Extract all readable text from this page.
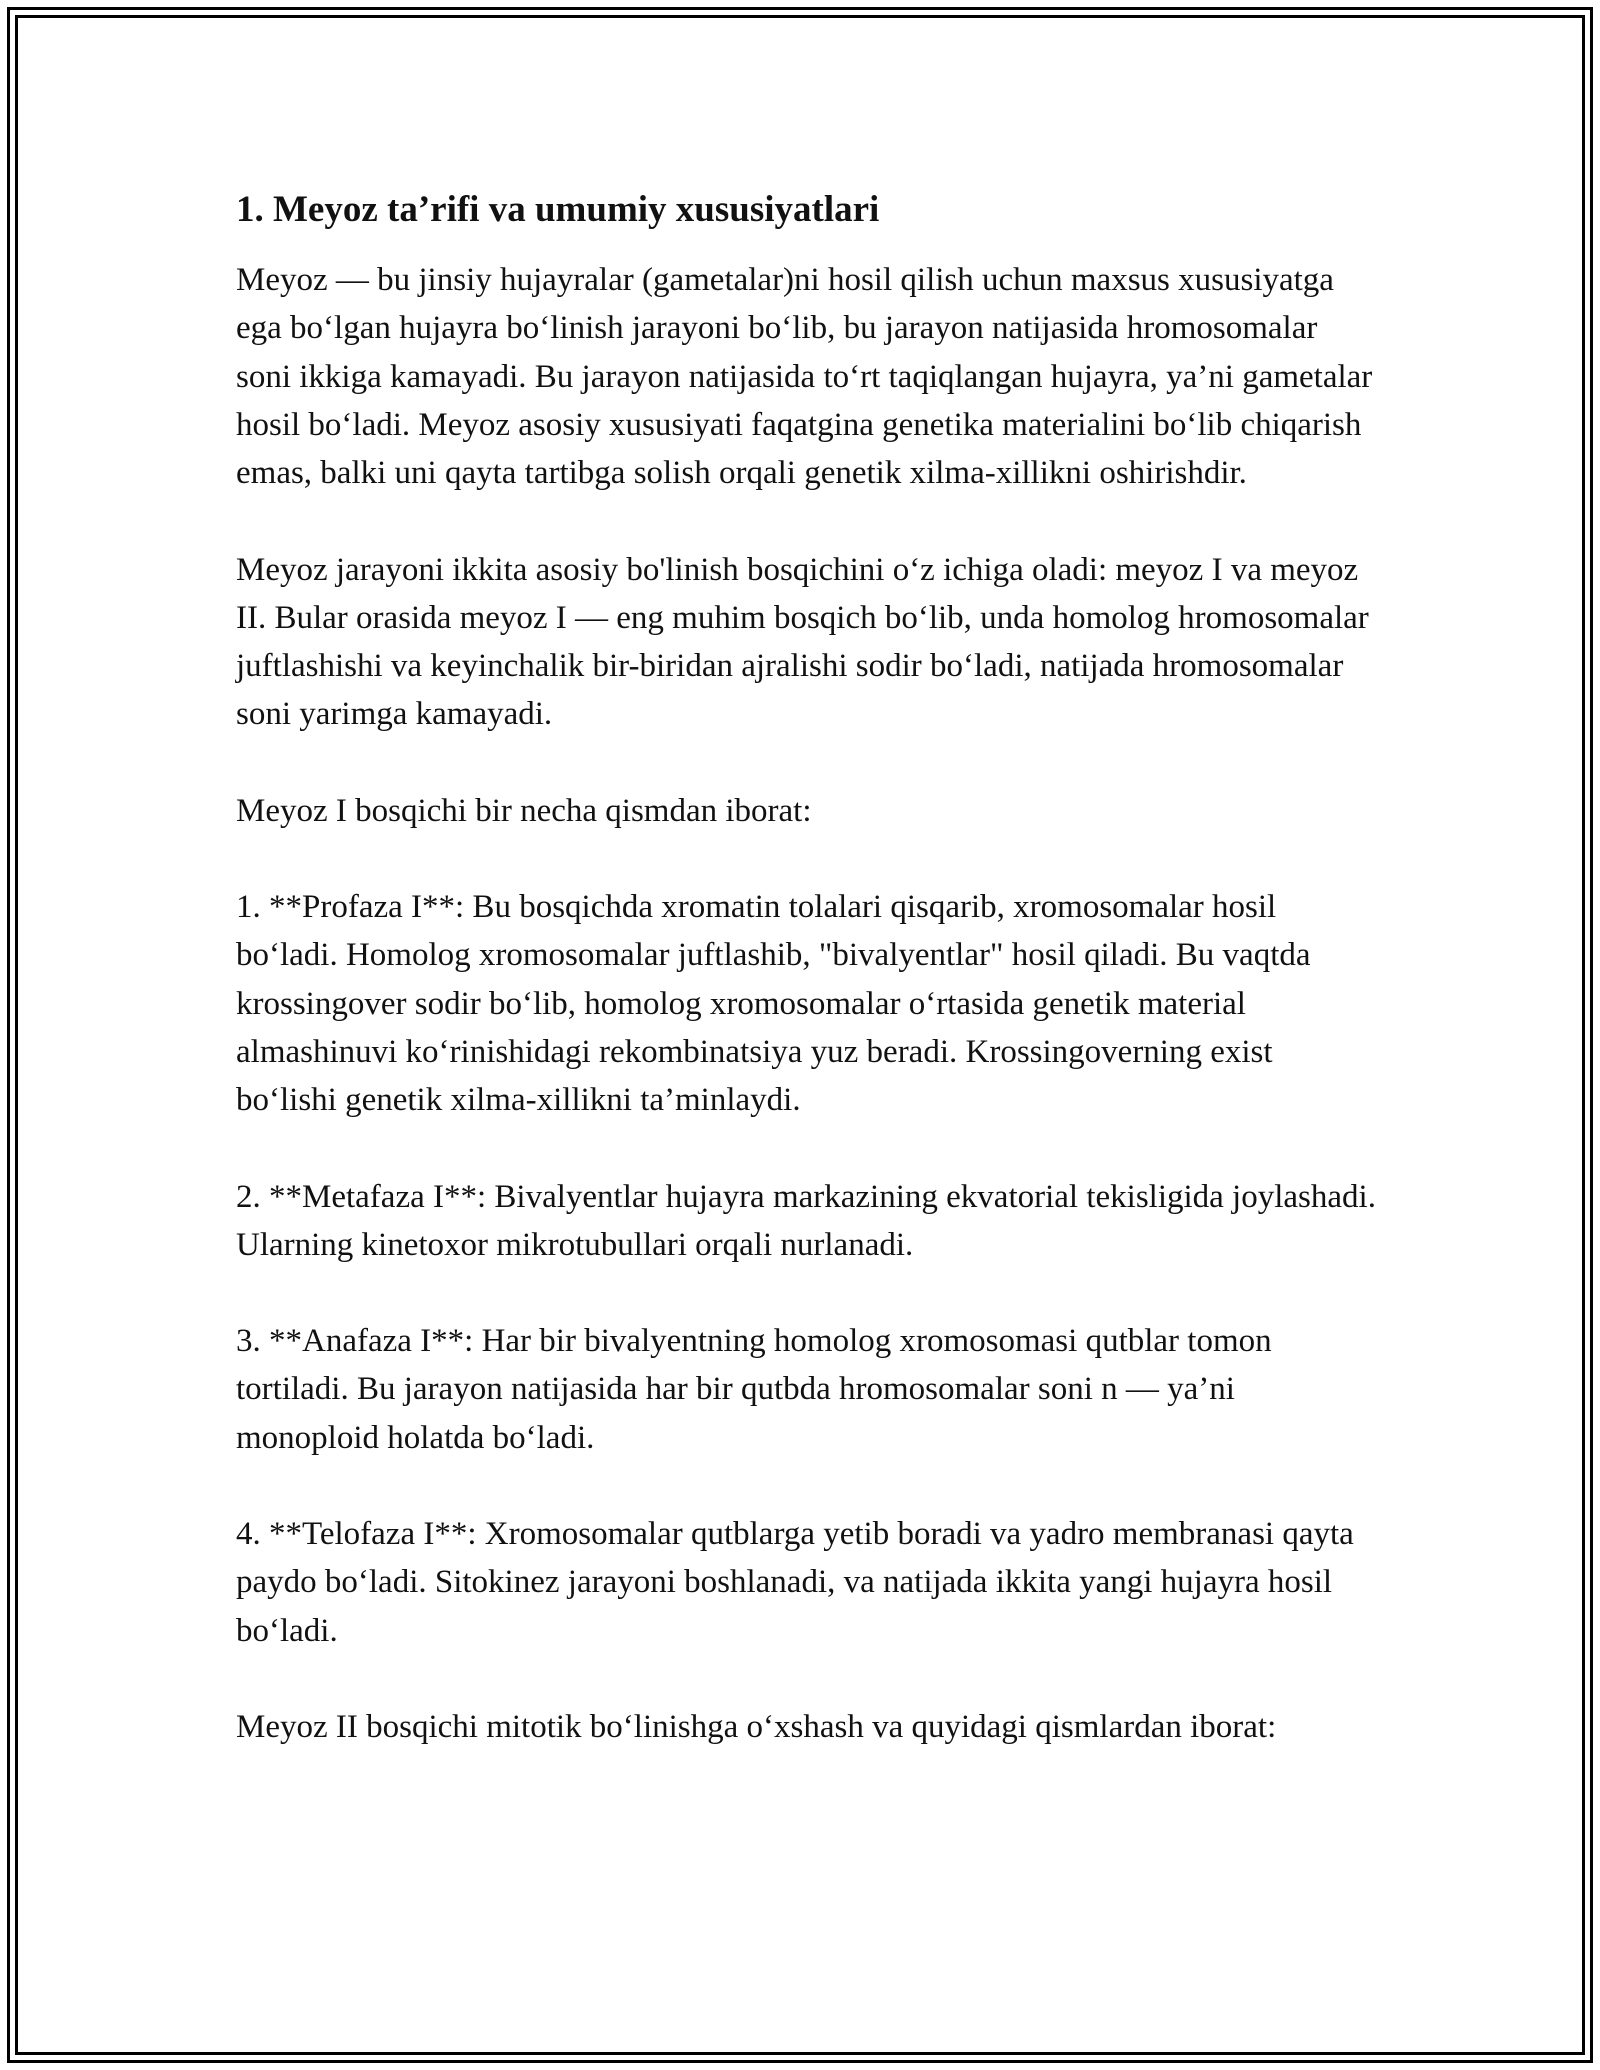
1. Meyoz ta’rifi va umumiy xususiyatlari

Meyoz — bu jinsiy hujayralar (gametalar)ni hosil qilish uchun maxsus xususiyatga ega boʻlgan hujayra boʻlinish jarayoni boʻlib, bu jarayon natijasida hromosomalar soni ikkiga kamayadi. Bu jarayon natijasida toʻrt taqiqlangan hujayra, ya’ni gametalar hosil boʻladi. Meyoz asosiy xususiyati faqatgina genetika materialini boʻlib chiqarish emas, balki uni qayta tartibga solish orqali genetik xilma-xillikni oshirishdir.

Meyoz jarayoni ikkita asosiy bo'linish bosqichini oʻz ichiga oladi: meyoz I va meyoz II. Bular orasida meyoz I — eng muhim bosqich boʻlib, unda homolog hromosomalar juftlashishi va keyinchalik bir-biridan ajralishi sodir boʻladi, natijada hromosomalar soni yarimga kamayadi.

Meyoz I bosqichi bir necha qismdan iborat:

1. **Profaza I**: Bu bosqichda xromatin tolalari qisqarib, xromosomalar hosil boʻladi. Homolog xromosomalar juftlashib, "bivalyentlar" hosil qiladi. Bu vaqtda krossingover sodir boʻlib, homolog xromosomalar oʻrtasida genetik material almashinuvi koʻrinishidagi rekombinatsiya yuz beradi. Krossingoverning exist boʻlishi genetik xilma-xillikni ta’minlaydi.

2. **Metafaza I**: Bivalyentlar hujayra markazining ekvatorial tekisligida joylashadi. Ularning kinetoxor mikrotubullari orqali nurlanadi.

3. **Anafaza I**: Har bir bivalyentning homolog xromosomasi qutblar tomon tortiladi. Bu jarayon natijasida har bir qutbda hromosomalar soni n — ya’ni monoploid holatda boʻladi.

4. **Telofaza I**: Xromosomalar qutblarga yetib boradi va yadro membranasi qayta paydo boʻladi. Sitokinez jarayoni boshlanadi, va natijada ikkita yangi hujayra hosil boʻladi.

Meyoz II bosqichi mitotik boʻlinishga oʻxshash va quyidagi qismlardan iborat:
